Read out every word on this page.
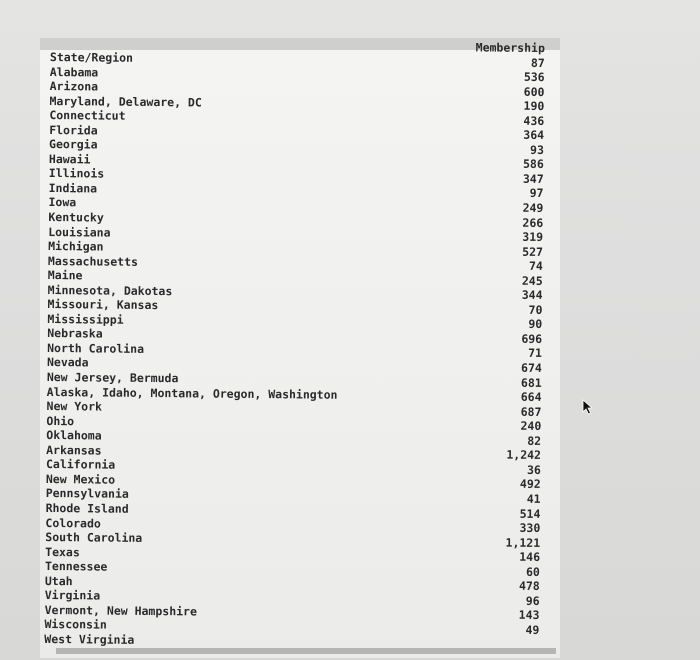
State/Region
Alabama
Arizona
Maryland, Delaware, DC
Connecticut
Florida
Georgia
Hawaii
Illinois
Indiana
Iowa
Kentucky
Louisiana
Michigan
Massachusetts
Maine
Minnesota, Dakotas
Missouri, Kansas
Mississippi
Nebraska
North Carolina
Nevada
New Jersey, Bermuda
Alaska, Idaho, Montana, Oregon, Washington
New York
Ohio
Oklahoma
Arkansas
California
New Mexico
Pennsylvania
Rhode Island
Colorado
South Carolina
Texas
Tennessee
Utah
Virginia
Vermont, New Hampshire
Wisconsin
West Virginia
Membership
87
536
600
190
436
364
93
586
347
97
249
266
319
527
74
245
344
70
90
696
71
674
681
664
687
240
82
1,242
36
492
41
514
330
1,121
146
60
478
96
143
49
